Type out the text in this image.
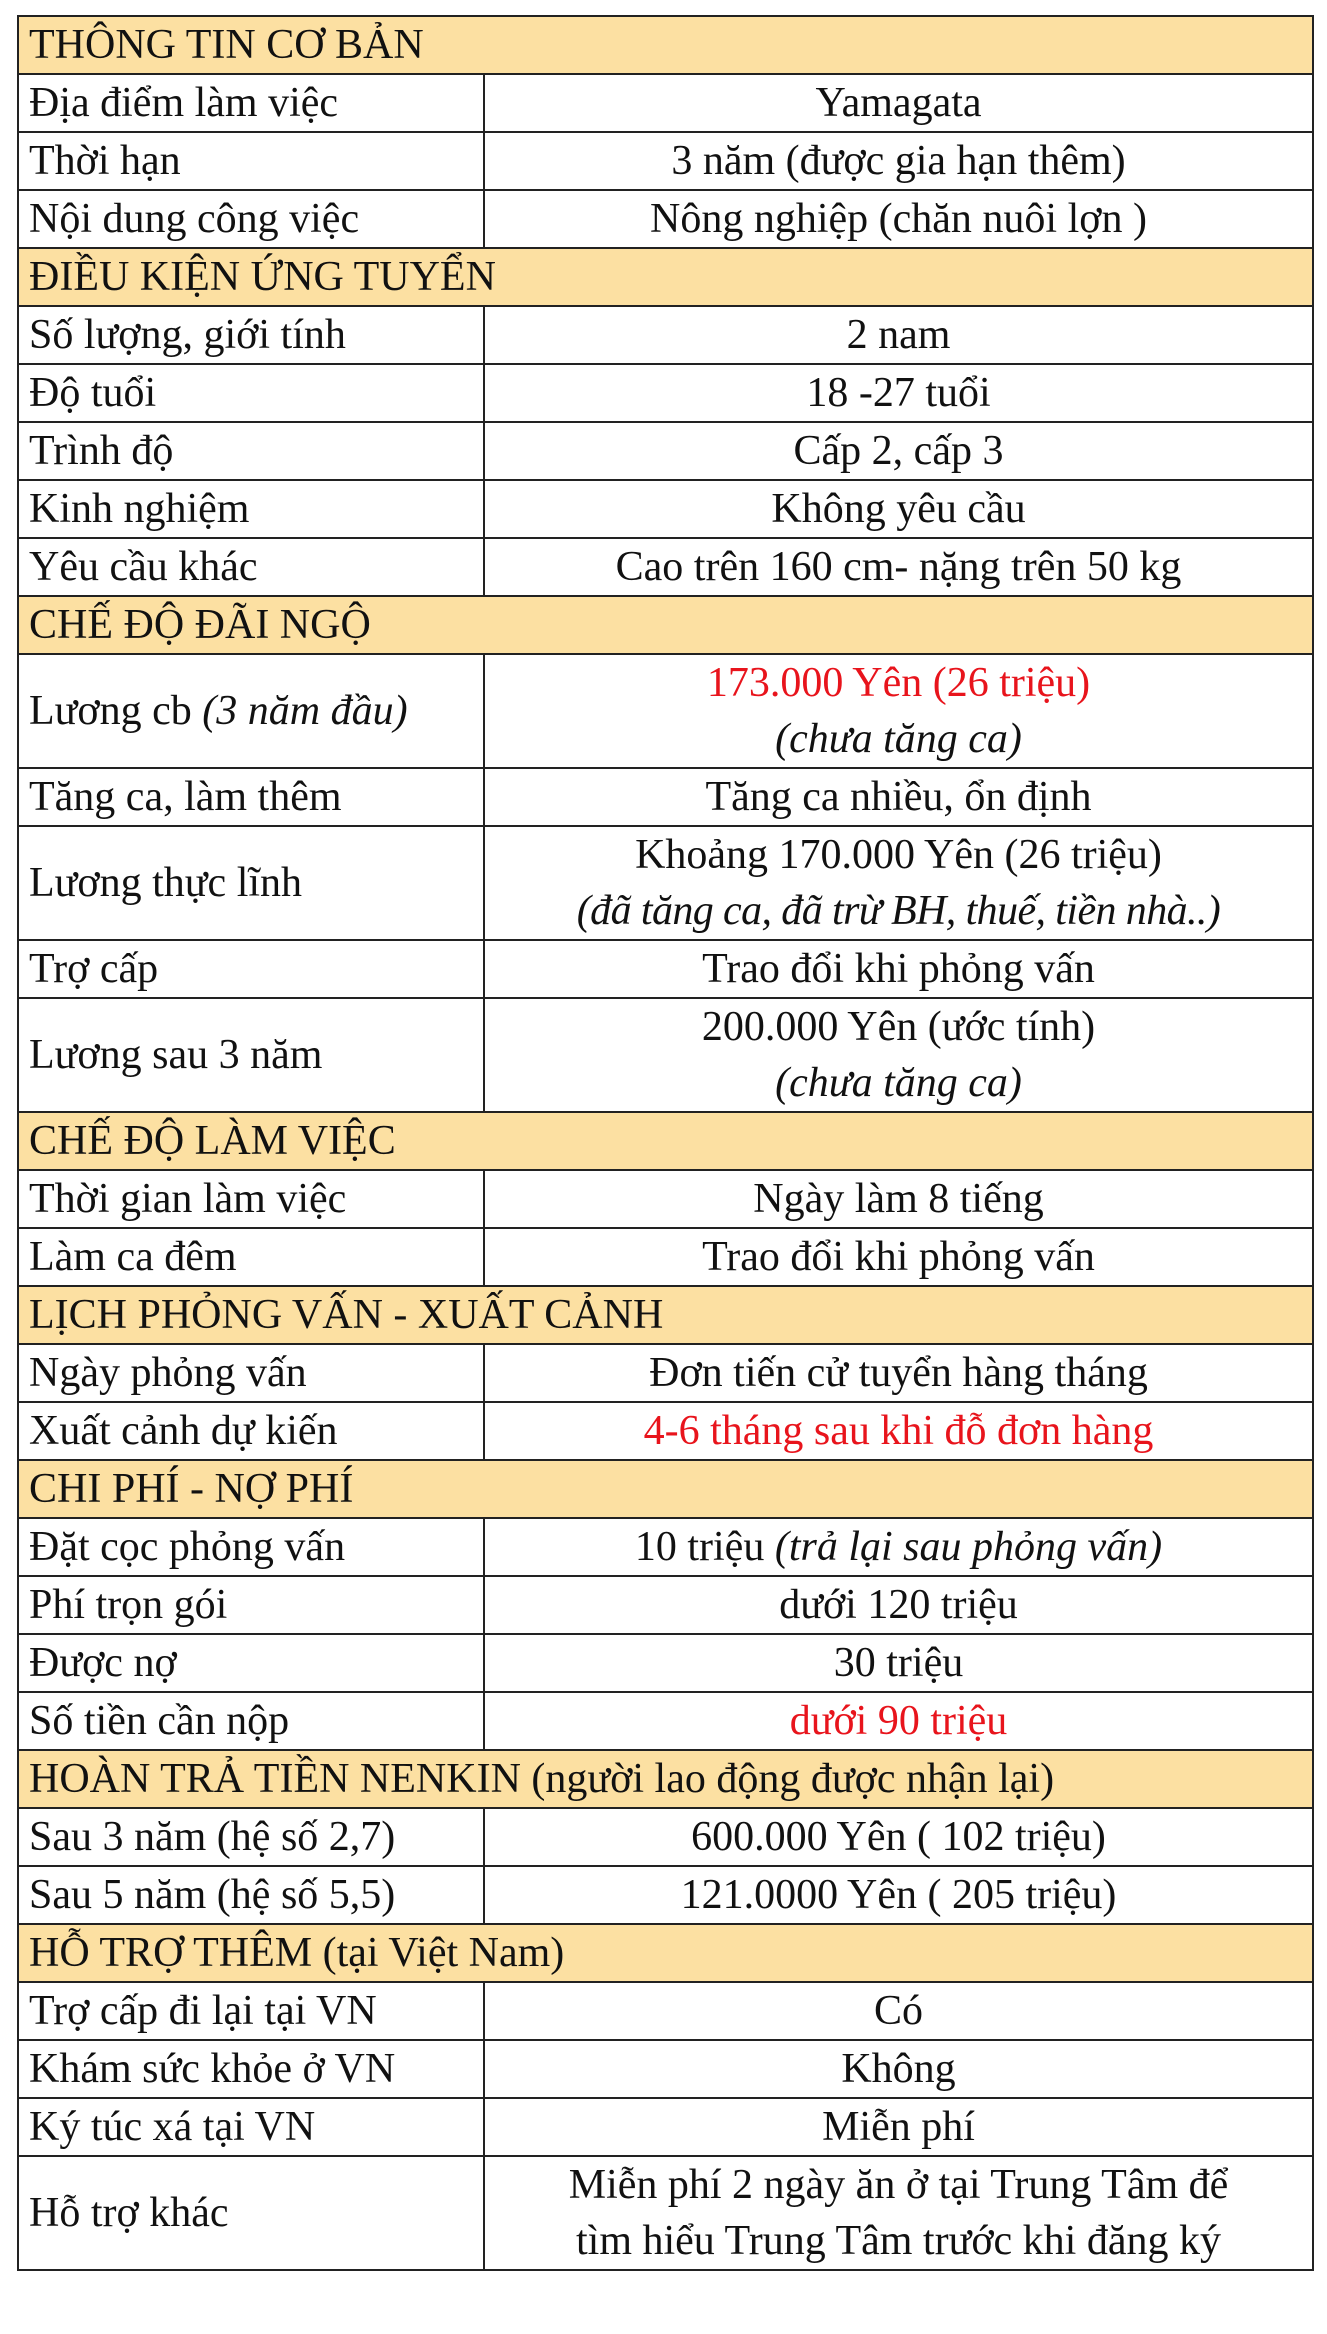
THÔNG TIN CƠ BẢN	
Địa điểm làm việc	Yamagata
Thời hạn	3 năm (được gia hạn thêm)
Nội dung công việc	Nông nghiệp (chăn nuôi lợn )
ĐIỀU KIỆN ỨNG TUYỂN	
Số lượng, giới tính	2 nam
Độ tuổi	18 -27 tuổi
Trình độ	Cấp 2, cấp 3
Kinh nghiệm	Không yêu cầu
Yêu cầu khác	Cao trên 160 cm- nặng trên 50 kg
CHẾ ĐỘ ĐÃI NGỘ	
Lương cb (3 năm đầu)	173.000 Yên (26 triệu)
(chưa tăng ca)

Tăng ca, làm thêm	Tăng ca nhiều, ổn định
Lương thực lĩnh	Khoảng 170.000 Yên (26 triệu)
(đã tăng ca, đã trừ BH, thuế, tiền nhà..)

Trợ cấp	Trao đổi khi phỏng vấn
Lương sau 3 năm	200.000 Yên (ước tính)
(chưa tăng ca)

CHẾ ĐỘ LÀM VIỆC	
Thời gian làm việc	Ngày làm 8 tiếng
Làm ca đêm	Trao đổi khi phỏng vấn
LỊCH PHỎNG VẤN - XUẤT CẢNH	
Ngày phỏng vấn	Đơn tiến cử tuyển hàng tháng
Xuất cảnh dự kiến	4-6 tháng sau khi đỗ đơn hàng
CHI PHÍ - NỢ PHÍ	
Đặt cọc phỏng vấn	10 triệu (trả lại sau phỏng vấn)
Phí trọn gói	dưới 120 triệu
Được nợ	30 triệu
Số tiền cần nộp	dưới 90 triệu
HOÀN TRẢ TIỀN NENKIN (người lao động được nhận lại)	
Sau 3 năm (hệ số 2,7)	600.000 Yên ( 102 triệu)
Sau 5 năm (hệ số 5,5)	121.0000 Yên ( 205 triệu)
HỖ TRỢ THÊM (tại Việt Nam)	
Trợ cấp đi lại tại VN	Có
Khám sức khỏe ở VN	Không
Ký túc xá tại VN	Miễn phí
Hỗ trợ khác	Miễn phí 2 ngày ăn ở tại Trung Tâm để
tìm hiểu Trung Tâm trước khi đăng ký
